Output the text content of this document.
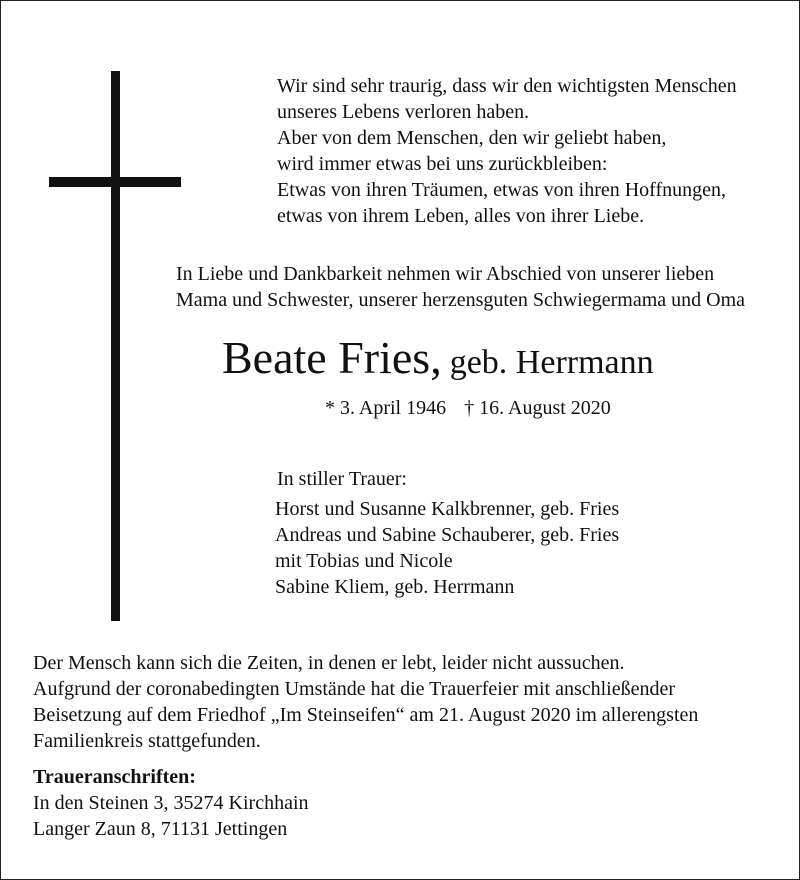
Wir sind sehr traurig, dass wir den wichtigsten Menschen
unseres Lebens verloren haben.
Aber von dem Menschen, den wir geliebt haben,
wird immer etwas bei uns zurückbleiben:
Etwas von ihren Träumen, etwas von ihren Hoffnungen,
etwas von ihrem Leben, alles von ihrer Liebe.
In Liebe und Dankbarkeit nehmen wir Abschied von unserer lieben
Mama und Schwester, unserer herzensguten Schwiegermama und Oma
Beate Fries, geb. Herrmann
* 3. April 1946 † 16. August 2020
In stiller Trauer:
Horst und Susanne Kalkbrenner, geb. Fries
Andreas und Sabine Schauberer, geb. Fries
mit Tobias und Nicole
Sabine Kliem, geb. Herrmann
Der Mensch kann sich die Zeiten, in denen er lebt, leider nicht aussuchen.
Aufgrund der coronabedingten Umstände hat die Trauerfeier mit anschließender
Beisetzung auf dem Friedhof „Im Steinseifen“ am 21. August 2020 im allerengsten
Familienkreis stattgefunden.
Traueranschriften:
In den Steinen 3, 35274 Kirchhain
Langer Zaun 8, 71131 Jettingen
